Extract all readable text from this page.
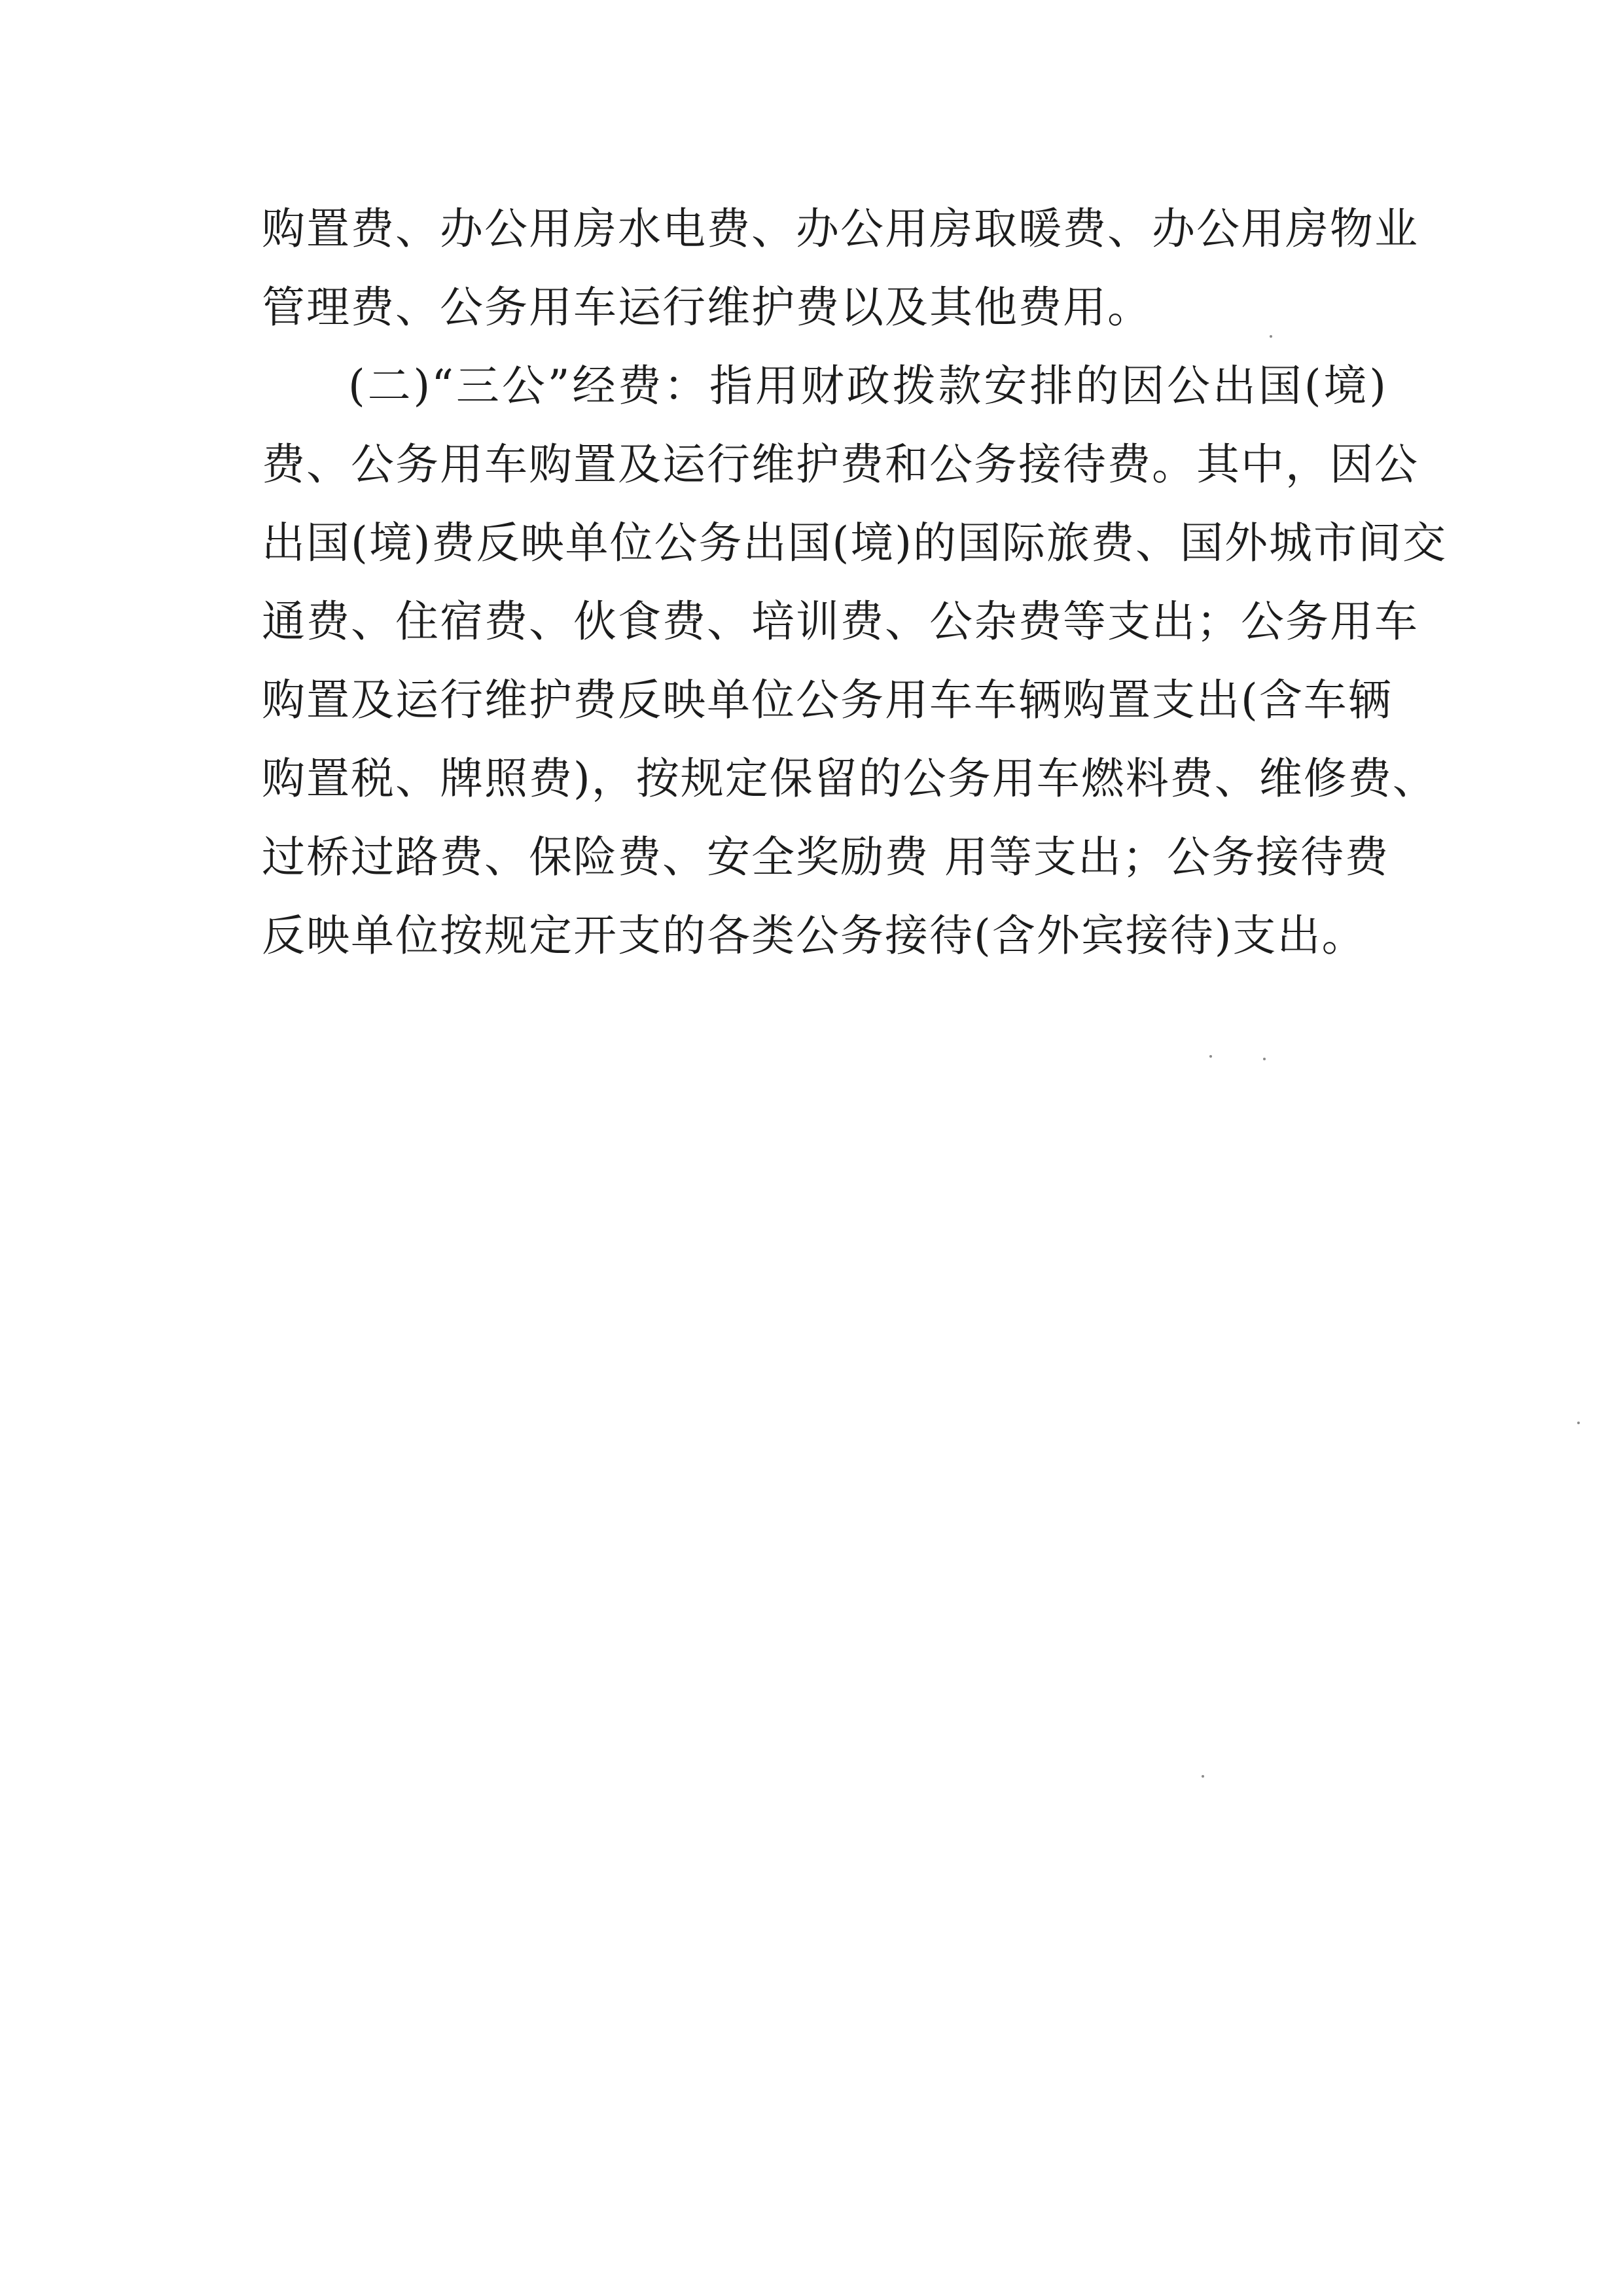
购置费、办公用房水电费、办公用房取暖费、办公用房物业
管理费、公务用车运行维护费以及其他费用。
(二)“三公”经费：指用财政拨款安排的因公出国(境)
费、公务用车购置及运行维护费和公务接待费。其中，因公
出国(境)费反映单位公务出国(境)的国际旅费、国外城市间交
通费、住宿费、伙食费、培训费、公杂费等支出；公务用车
购置及运行维护费反映单位公务用车车辆购置支出(含车辆
购置税、牌照费)，按规定保留的公务用车燃料费、维修费、
过桥过路费、保险费、安全奖励费 用等支出；公务接待费
反映单位按规定开支的各类公务接待(含外宾接待)支出。
